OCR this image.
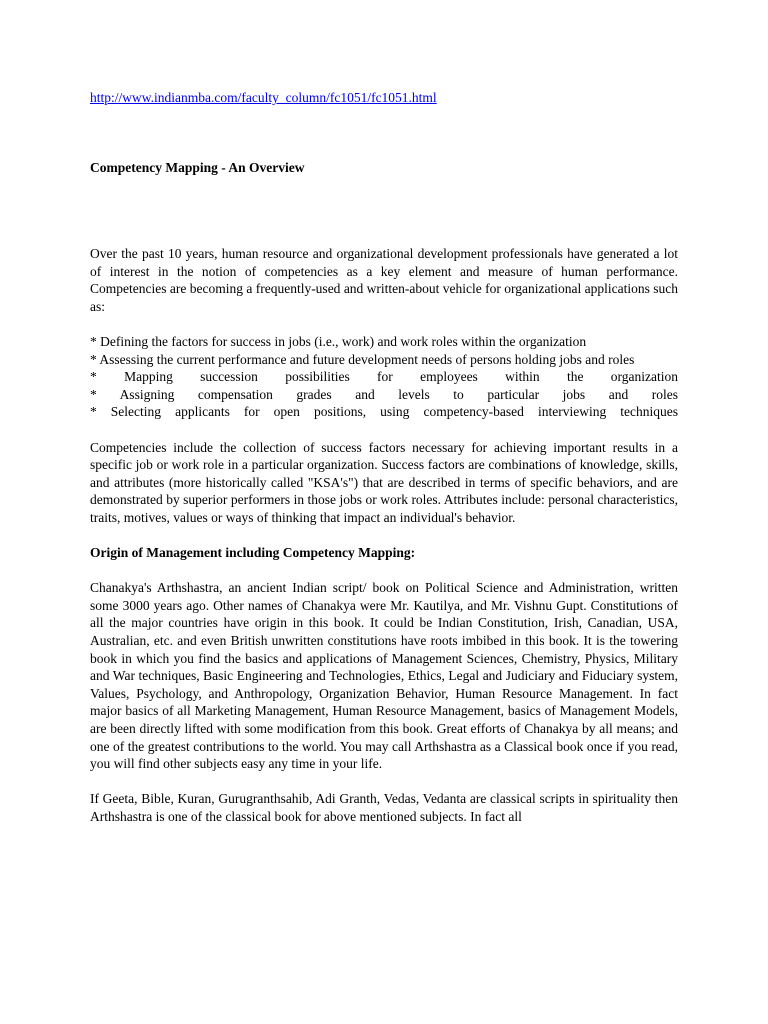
http://www.indianmba.com/faculty_column/fc1051/fc1051.html
Competency Mapping - An Overview

Over the past 10 years, human resource and organizational development professionals have generated a lot of interest in the notion of competencies as a key element and measure of human performance. Competencies are becoming a frequently-used and written-about vehicle for organizational applications such as:

* Defining the factors for success in jobs (i.e., work) and work roles within the organization
* Assessing the current performance and future development needs of persons holding jobs and roles
* Mapping succession possibilities for employees within the organization
* Assigning compensation grades and levels to particular jobs and roles
* Selecting applicants for open positions, using competency-based interviewing techniques

Competencies include the collection of success factors necessary for achieving important results in a specific job or work role in a particular organization. Success factors are combinations of knowledge, skills, and attributes (more historically called "KSA's") that are described in terms of specific behaviors, and are demonstrated by superior performers in those jobs or work roles. Attributes include: personal characteristics, traits, motives, values or ways of thinking that impact an individual's behavior.

Origin of Management including Competency Mapping:

Chanakya's Arthshastra, an ancient Indian script/ book on Political Science and Administration, written some 3000 years ago. Other names of Chanakya were Mr. Kautilya, and Mr. Vishnu Gupt. Constitutions of all the major countries have origin in this book. It could be Indian Constitution, Irish, Canadian, USA, Australian, etc. and even British unwritten constitutions have roots imbibed in this book. It is the towering book in which you find the basics and applications of Management Sciences, Chemistry, Physics, Military and War techniques, Basic Engineering and Technologies, Ethics, Legal and Judiciary and Fiduciary system, Values, Psychology, and Anthropology, Organization Behavior, Human Resource Management. In fact major basics of all Marketing Management, Human Resource Management, basics of Management Models, are been directly lifted with some modification from this book. Great efforts of Chanakya by all means; and one of the greatest contributions to the world. You may call Arthshastra as a Classical book once if you read, you will find other subjects easy any time in your life.

If Geeta, Bible, Kuran, Gurugranthsahib, Adi Granth, Vedas, Vedanta are classical scripts in spirituality then Arthshastra is one of the classical book for above mentioned subjects. In fact all
